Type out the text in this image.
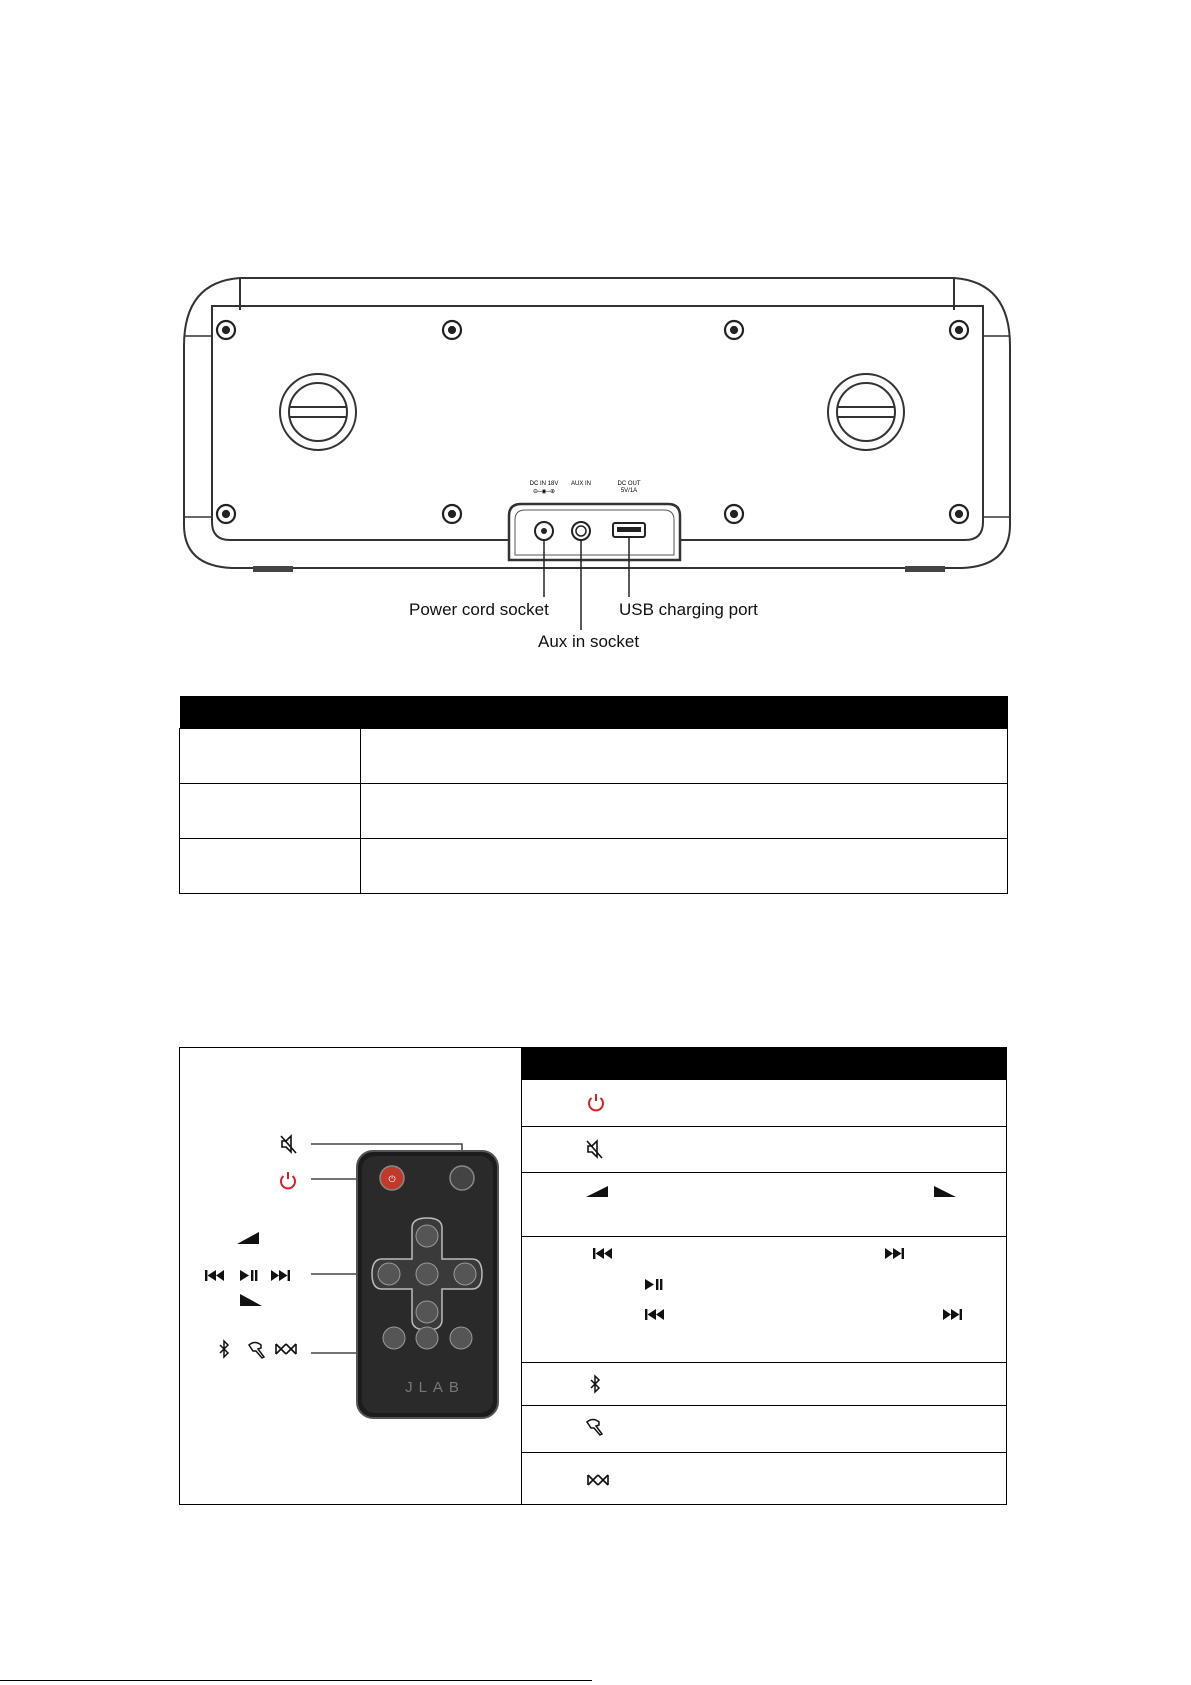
DC IN 18V
⊖–◉–⊕
AUX IN	DC OUT
5V/1A
Power cord socket
Aux in socket
USB charging port

⏻
JLAB
